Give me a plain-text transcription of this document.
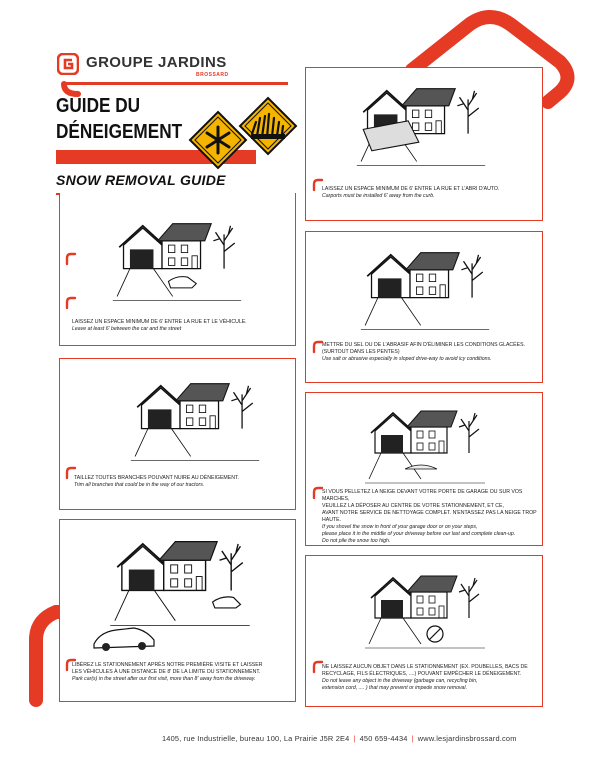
GROUPE JARDINS
BROSSARD
GUIDE DU
DÉNEIGEMENT
SNOW REMOVAL GUIDE
LAISSEZ UN ESPACE MINIMUM DE 6' ENTRE LA RUE ET L'ABRI D'AUTO.
Carports must be installed 6' away from the curb.
LAISSEZ UN ESPACE MINIMUM DE 6' ENTRE LA RUE ET LE VÉHICULE.
Leave at least 6' between the car and the street
METTRE DU SEL OU DE L'ABRASIF AFIN D'ÉLIMINER LES CONDITIONS GLACÉES.
(SURTOUT DANS LES PENTES)
Use salt or abrasive especially in sloped drive-way to avoid icy conditions.
TAILLEZ TOUTES BRANCHES POUVANT NUIRE AU DÉNEIGEMENT.
Trim all branches that could be in the way of our tractors.
SI VOUS PELLETEZ LA NEIGE DEVANT VOTRE PORTE DE GARAGE OU SUR VOS MARCHES,
VEUILLEZ LA DÉPOSER AU CENTRE DE VOTRE STATIONNEMENT, ET CE,
AVANT NOTRE SERVICE DE NETTOYAGE COMPLET. N'ENTASSEZ PAS LA NEIGE TROP HAUTE.
If you shovel the snow in front of your garage door or on your steps,
please place it in the middle of your driveway before our last and complete clean-up.
Do not pile the snow too high.
LIBÉREZ LE STATIONNEMENT APRÈS NOTRE PREMIÈRE VISITE ET LAISSER
LES VÉHICULES À UNE DISTANCE DE 8' DE LA LIMITE DU STATIONNEMENT.
Park car(s) in the street after our first visit, more than 8' away from the driveway.
NE LAISSEZ AUCUN OBJET DANS LE STATIONNEMENT (EX. POUBELLES, BACS DE
RECYCLAGE, FILS ÉLECTRIQUES, ....) POUVANT EMPÊCHER LE DÉNEIGEMENT.
Do not leave any object in the driveway (garbage can, recycling bin,
extension cord, .... ) that may prevent or impede snow removal.
1405, rue Industrielle, bureau 100, La Prairie J5R 2E4 | 450 659-4434 | www.lesjardinsbrossard.com
